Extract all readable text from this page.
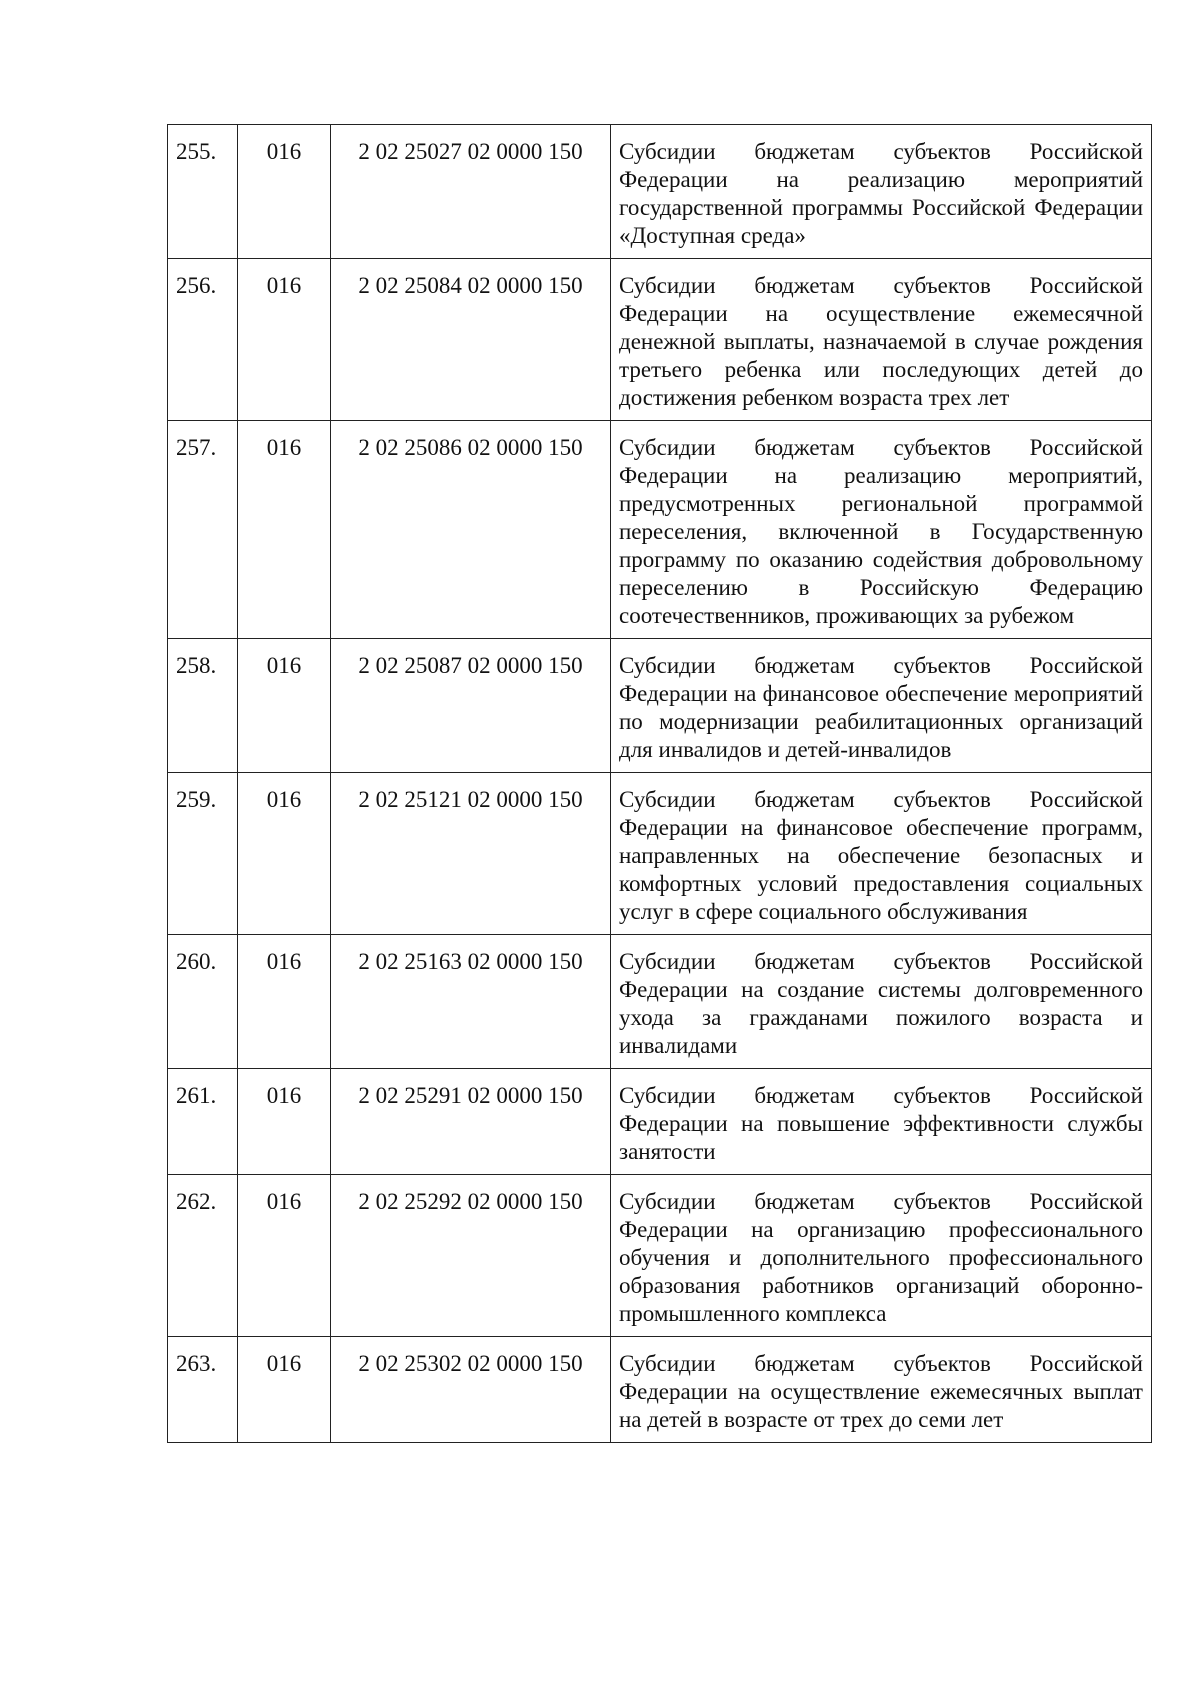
255.	016	2 02 25027 02 0000 150	Субсидии бюджетам субъектов Российской Федерации на реализацию мероприятий государственной программы Российской Федерации «Доступная среда»
256.	016	2 02 25084 02 0000 150	Субсидии бюджетам субъектов Российской Федерации на осуществление ежемесячной денежной выплаты, назначаемой в случае рождения третьего ребенка или последующих детей до достижения ребенком возраста трех лет
257.	016	2 02 25086 02 0000 150	Субсидии бюджетам субъектов Российской Федерации на реализацию мероприятий, предусмотренных региональной программой переселения, включенной в Государственную программу по оказанию содействия добровольному переселению в Российскую Федерацию соотечественников, проживающих за рубежом
258.	016	2 02 25087 02 0000 150	Субсидии бюджетам субъектов Российской Федерации на финансовое обеспечение мероприятий по модернизации реабилитационных организаций для инвалидов и детей-инвалидов
259.	016	2 02 25121 02 0000 150	Субсидии бюджетам субъектов Российской Федерации на финансовое обеспечение программ, направленных на обеспечение безопасных и комфортных условий предоставления социальных услуг в сфере социального обслуживания
260.	016	2 02 25163 02 0000 150	Субсидии бюджетам субъектов Российской Федерации на создание системы долговременного ухода за гражданами пожилого возраста и инвалидами
261.	016	2 02 25291 02 0000 150	Субсидии бюджетам субъектов Российской Федерации на повышение эффективности службы занятости
262.	016	2 02 25292 02 0000 150	Субсидии бюджетам субъектов Российской Федерации на организацию профессионального обучения и дополнительного профессионального образования работников организаций оборонно-промышленного комплекса
263.	016	2 02 25302 02 0000 150	Субсидии бюджетам субъектов Российской Федерации на осуществление ежемесячных выплат на детей в возрасте от трех до семи лет
